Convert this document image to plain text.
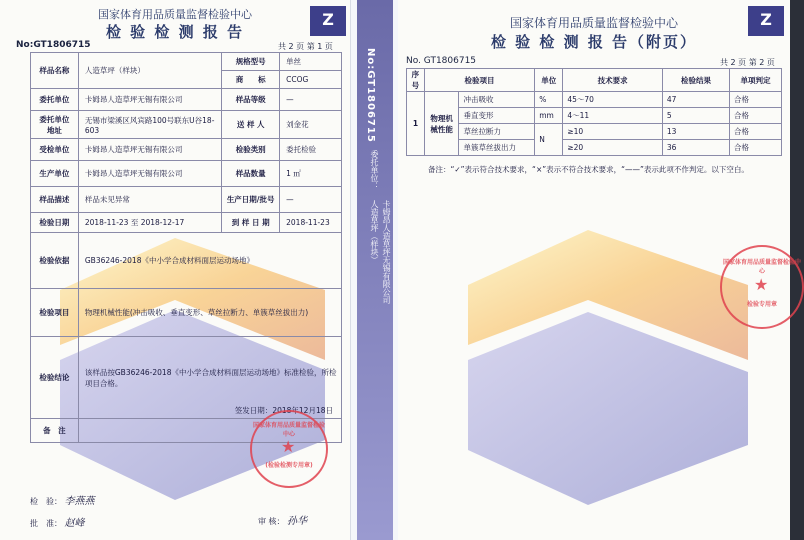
国家体育用品质量监督检验中心
检 验 检 测 报 告
Z
No:GT1806715	共 2 页 第 1 页
样品名称	人造草坪（样块）	规格型号	单丝
		商　　标	CCOG
委托单位	卡姆昂人造草坪无锡有限公司	样品等级	—
委托单位
地址	无锡市梁溪区风宾路100号联东U谷18-603	送 样 人	刘金花
受检单位	卡姆昂人造草坪无锡有限公司	检验类别	委托检验
生产单位	卡姆昂人造草坪无锡有限公司	样品数量	1 ㎡
样品描述	样品未见异常	生产日期/批号	—
检验日期	2018-11-23 至 2018-12-17	到 样 日 期	2018-11-23
检验依据	GB36246-2018《中小学合成材料面层运动场地》		
检验项目	物理机械性能(冲击吸收、垂直变形、草丝拉断力、单簇草丝拔出力)		
检验结论	该样品按GB36246-2018《中小学合成材料面层运动场地》标准检验，所检项目合格。
签发日期：2018年12月18日		

备　注			
国家体育用品质量监督检验中心
★
(检验检测专用章)
检　验： 李燕燕
批　准： 赵峰	审 核： 孙华
No:GT1806715
委托单位：
卡姆昂人造草坪无锡有限公司
人造草坪（样块）
国家体育用品质量监督检验中心
检 验 检 测 报 告（附页）
Z
No. GT1806715	共 2 页 第 2 页
序号	检验项目		单位	技术要求	检验结果	单项判定
1	物理机械性能	冲击吸收	%	45～70	47	合格
		垂直变形	mm	4～11	5	合格
		草丝拉断力	N	≥10	13	合格
		单簇草丝拔出力		≥20	36	合格
备注：“✓”表示符合技术要求，“×”表示不符合技术要求，“——”表示此项不作判定。以下空白。
国家体育用品质量监督检验中心
★
检验专用章
